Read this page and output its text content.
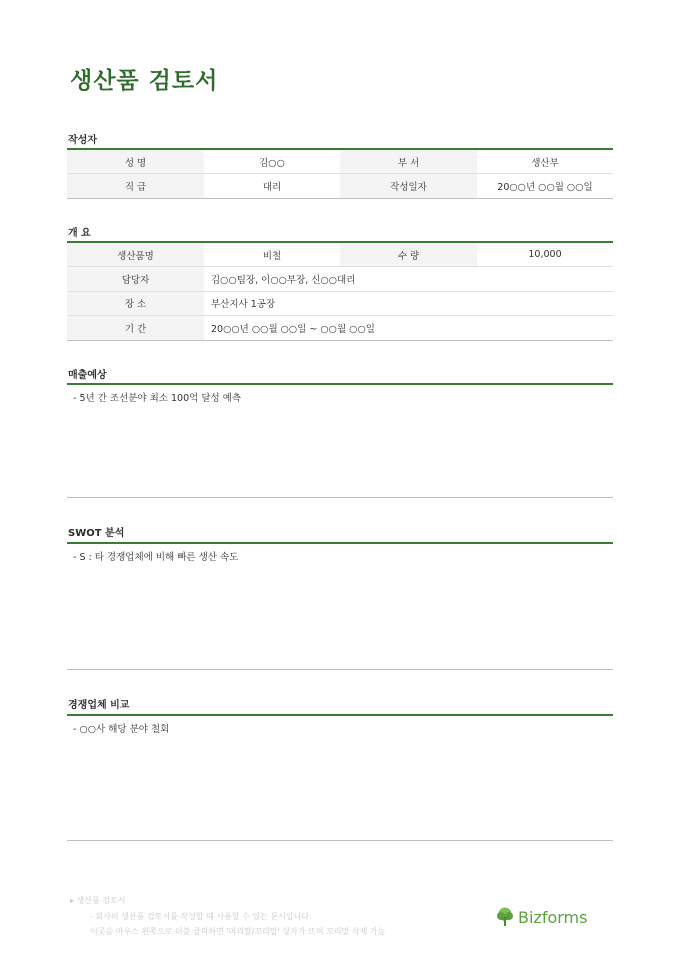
생산품 검토서
작성자
성 명	김○○	부 서	생산부
직 급	대리	작성일자	20○○년 ○○월 ○○일
개 요
생산품명	비철	수 량	10,000
담당자	김○○팀장, 이○○부장, 신○○대리		
장 소	부산지사 1공장		
기 간	20○○년 ○○월 ○○일 ~ ○○월 ○○일		
매출예상
- 5년 간 조선분야 최소 100억 달성 예측
SWOT 분석
- S : 타 경쟁업체에 비해 빠른 생산 속도
경쟁업체 비교
- ○○사 해당 분야 철회
▸ 생산품 검토서
- 회사의 생산품 검토서를 작성할 때 사용할 수 있는 문서입니다.
이곳을 마우스 왼쪽으로 더블 클릭하면 '머리말/꼬리말' 상자가 뜨며 꼬리말 삭제 가능
Bizforms
